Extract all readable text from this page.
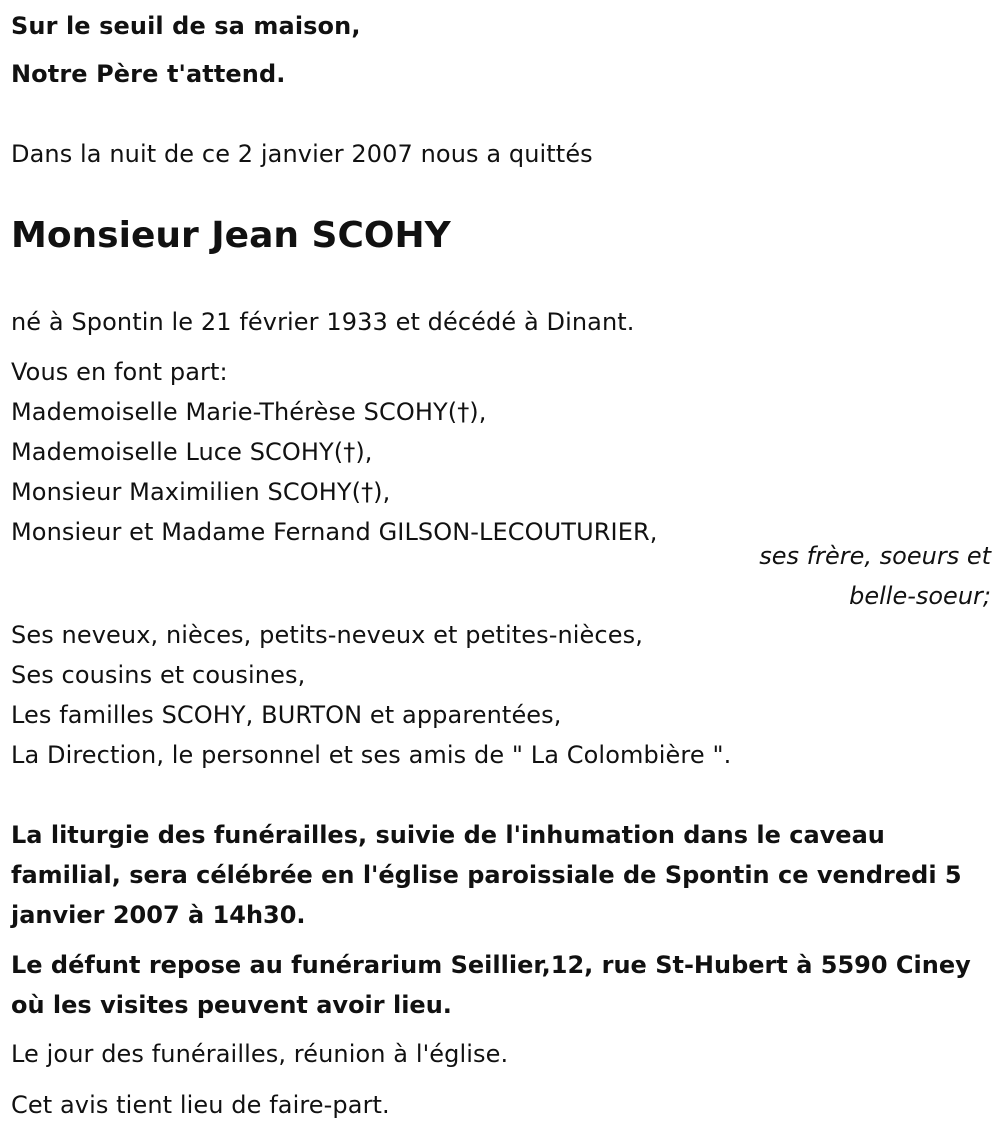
Sur le seuil de sa maison,
Notre Père t'attend.
Dans la nuit de ce 2 janvier 2007 nous a quittés
Monsieur Jean SCOHY
né à Spontin le 21 février 1933 et décédé à Dinant.
Vous en font part:
Mademoiselle Marie-Thérèse SCOHY(†),
Mademoiselle Luce SCOHY(†),
Monsieur Maximilien SCOHY(†),
Monsieur et Madame Fernand GILSON-LECOUTURIER,
ses frère, soeurs et
belle-soeur;
Ses neveux, nièces, petits-neveux et petites-nièces,
Ses cousins et cousines,
Les familles SCOHY, BURTON et apparentées,
La Direction, le personnel et ses amis de " La Colombière ".
La liturgie des funérailles, suivie de l'inhumation dans le caveau familial, sera célébrée en l'église paroissiale de Spontin ce vendredi 5 janvier 2007 à 14h30.
Le défunt repose au funérarium Seillier,12, rue St-Hubert à 5590 Ciney où les visites peuvent avoir lieu.
Le jour des funérailles, réunion à l'église.
Cet avis tient lieu de faire-part.
